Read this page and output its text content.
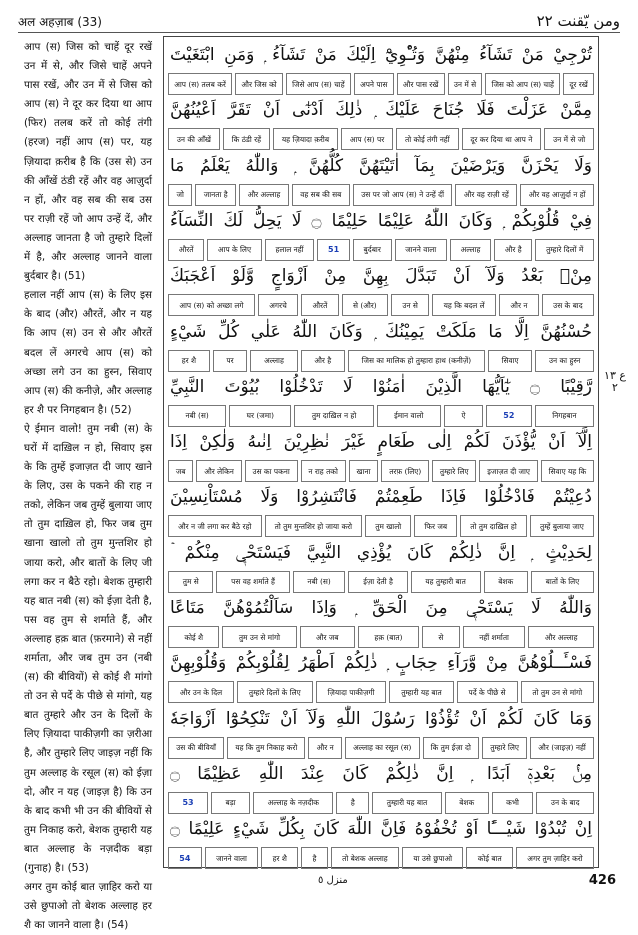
अल अहज़ाब (33)	ومن يّقنت ٢٢
आप (स) जिस को चाहें दूर रखें उन में से, और जिसे चाहें अपने पास रखें, और उन में से जिस को आप (स) ने दूर कर दिया था आप (फिर) तलब करें तो कोई तंगी (हरज) नहीं आप (स) पर, यह ज़ियादा क़रीब है कि (उस से) उन की आँखें ठंडी रहें और वह आज़ुर्दा न हों, और वह सब की सब उस पर राज़ी रहें जो आप उन्हें दें, और अल्लाह जानता है जो तुम्हारे दिलों में है, और अल्लाह जानने वाला बुर्दबार है। (51)
हलाल नहीं आप (स) के लिए इस के बाद (और) औरतें, और न यह कि आप (स) उन से और औरतें बदल लें अगरचे आप (स) को अच्छा लगे उन का हुस्न, सिवाए आप (स) की कनीज़े, और अल्लाह हर शै पर निगहबान है। (52)
ऐ ईमान वालो! तुम नबी (स) के घरों में दाख़िल न हो, सिवाए इस के कि तुम्हें इजाज़त दी जाए खाने के लिए, उस के पकने की राह न तको, लेकिन जब तुम्हें बुलाया जाए तो तुम दाख़िल हो, फिर जब तुम खाना खालो तो तुम मुन्तशिर हो जाया करो, और बातों के लिए जी लगा कर न बैठे रहो। बेशक तुम्हारी यह बात नबी (स) को ईज़ा देती है, पस वह तुम से शर्माते हैं, और अल्लाह हक़ बात (फ़रमाने) से नहीं शर्माता, और जब तुम उन (नबी (स) की बीवियों) से कोई शै मांगो तो उन से पर्दे के पीछे से मांगो, यह बात तुम्हारे और उन के दिलों के लिए ज़ियादा पाकीज़गी का ज़रीआ है, और तुम्हारे लिए जाइज़ नहीं कि तुम अल्लाह के रसूल (स) को ईज़ा दो, और न यह (जाइज़ है) कि उन के बाद कभी भी उन की बीवियों से तुम निकाह करो, बेशक तुम्हारी यह बात अल्लाह के नज़दीक बड़ा (गुनाह) है। (53)
अगर तुम कोई बात ज़ाहिर करो या उसे छुपाओ तो बेशक अल्लाह हर शै का जानने वाला है। (54)
تُرْجِيْ مَنْ تَشَآءُ مِنْهُنَّ وَتُـْٔوِيْٓ اِلَيْكَ مَنْ تَشَآءُ ۭ وَمَنِ ابْتَغَيْتَ
दूर रखें
जिस को आप (स) चाहें
उन में से
और पास रखें
अपने पास
जिसे आप (स) चाहें
और जिस को
आप (स) तलब करें
مِمَّنْ عَزَلْتَ فَلَا جُنَاحَ عَلَيْكَ ۭ ذٰلِكَ اَدْنٰٓى اَنْ تَقَرَّ اَعْيُنُهُنَّ
उन में से जो
दूर कर दिया था आप ने
तो कोई तंगी नहीं
आप (स) पर
यह ज़ियादा क़रीब
कि ठंडी रहें
उन की आँखें
وَلَا يَحْزَنَّ وَيَرْضَيْنَ بِمَآ اٰتَيْتَهُنَّ كُلُّهُنَّ ۭ وَاللّٰهُ يَعْلَمُ مَا
और वह आज़ुर्दा न हों
और वह राज़ी रहें
उस पर जो आप (स) ने उन्हें दीं
वह सब की सब
और अल्लाह
जानता है
जो
فِيْ قُلُوْبِكُمْ ۭ وَكَانَ اللّٰهُ عَلِيْمًا حَلِيْمًا ۝ لَا يَحِلُّ لَكَ النِّسَآءُ
तुम्हारे दिलों में
और है
अल्लाह
जानने वाला
बुर्दबार
51
हलाल नहीं
आप के लिए
औरतें
مِنْۢ بَعْدُ وَلَآ اَنْ تَبَدَّلَ بِهِنَّ مِنْ اَزْوَاجٍ وَّلَوْ اَعْجَبَكَ
उस के बाद
और न
यह कि बदल लें
उन से
से (और)
औरतें
अगरचे
आप (स) को अच्छा लगे
حُسْنُهُنَّ اِلَّا مَا مَلَكَتْ يَمِيْنُكَ ۭ وَكَانَ اللّٰهُ عَلٰي كُلِّ شَيْءٍ
उन का हुस्न
सिवाए
जिस का मालिक हो तुम्हारा हाथ (कनीज़ें)
और है
अल्लाह
पर
हर शै
رَّقِيْبًا ۝ يٰٓاَيُّهَا الَّذِيْنَ اٰمَنُوْا لَا تَدْخُلُوْا بُيُوْتَ النَّبِيِّ
निगहबान
52
ऐ
ईमान वालो
तुम दाख़िल न हो
घर (जमा)
नबी (स)
اِلَّآ اَنْ يُّؤْذَنَ لَكُمْ اِلٰى طَعَامٍ غَيْرَ نٰظِرِيْنَ اِنٰىهُ وَلٰكِنْ اِذَا
सिवाए यह कि
इजाज़त दी जाए
तुम्हारे लिए
तरफ़ (लिए)
खाना
न राह तको
उस का पकना
और लेकिन
जब
دُعِيْتُمْ فَادْخُلُوْا فَاِذَا طَعِمْتُمْ فَانْتَشِرُوْا وَلَا مُسْتَاْنِسِيْنَ
तुम्हें बुलाया जाए
तो तुम दाख़िल हो
फिर जब
तुम खालो
तो तुम मुन्तशिर हो जाया करो
और न जी लगा कर बैठे रहो
لِحَدِيْثٍ ۭ اِنَّ ذٰلِكُمْ كَانَ يُؤْذِي النَّبِيَّ فَيَسْتَحْيٖ مِنْكُمْ ۡ
बातों के लिए
बेशक
यह तुम्हारी बात
ईज़ा देती है
नबी (स)
पस वह शर्माते हैं
तुम से
وَاللّٰهُ لَا يَسْتَحْيٖ مِنَ الْحَقِّ ۭ وَاِذَا سَاَلْتُمُوْهُنَّ مَتَاعًا
और अल्लाह
नहीं शर्माता
से
हक़ (बात)
और जब
तुम उन से मांगो
कोई शै
فَسْـَٔــلُوْهُنَّ مِنْ وَّرَآءِ حِجَابٍ ۭ ذٰلِكُمْ اَطْهَرُ لِقُلُوْبِكُمْ وَقُلُوْبِهِنَّ
तो तुम उन से मांगो
पर्दे के पीछे से
तुम्हारी यह बात
ज़ियादा पाकीज़गी
तुम्हारे दिलों के लिए
और उन के दिल
وَمَا كَانَ لَكُمْ اَنْ تُؤْذُوْا رَسُوْلَ اللّٰهِ وَلَآ اَنْ تَنْكِحُوْٓا اَزْوَاجَهٗ
और (जाइज़) नहीं
तुम्हारे लिए
कि तुम ईज़ा दो
अल्लाह का रसूल (स)
और न
यह कि तुम निकाह करो
उस की बीवियाँ
مِنْۢ بَعْدِهٖٓ اَبَدًا ۭ اِنَّ ذٰلِكُمْ كَانَ عِنْدَ اللّٰهِ عَظِيْمًا ۝
उन के बाद
कभी
बेशक
तुम्हारी यह बात
है
अल्लाह के नज़दीक
बड़ा
53
اِنْ تُبْدُوْا شَيْـــًٔا اَوْ تُخْفُوْهُ فَاِنَّ اللّٰهَ كَانَ بِكُلِّ شَيْءٍ عَلِيْمًا ۝
अगर तुम ज़ाहिर करो
कोई बात
या उसे छुपाओ
तो बेशक अल्लाह
है
हर शै
जानने वाला
54
ع ١٣ ٢
منزل ٥	426
